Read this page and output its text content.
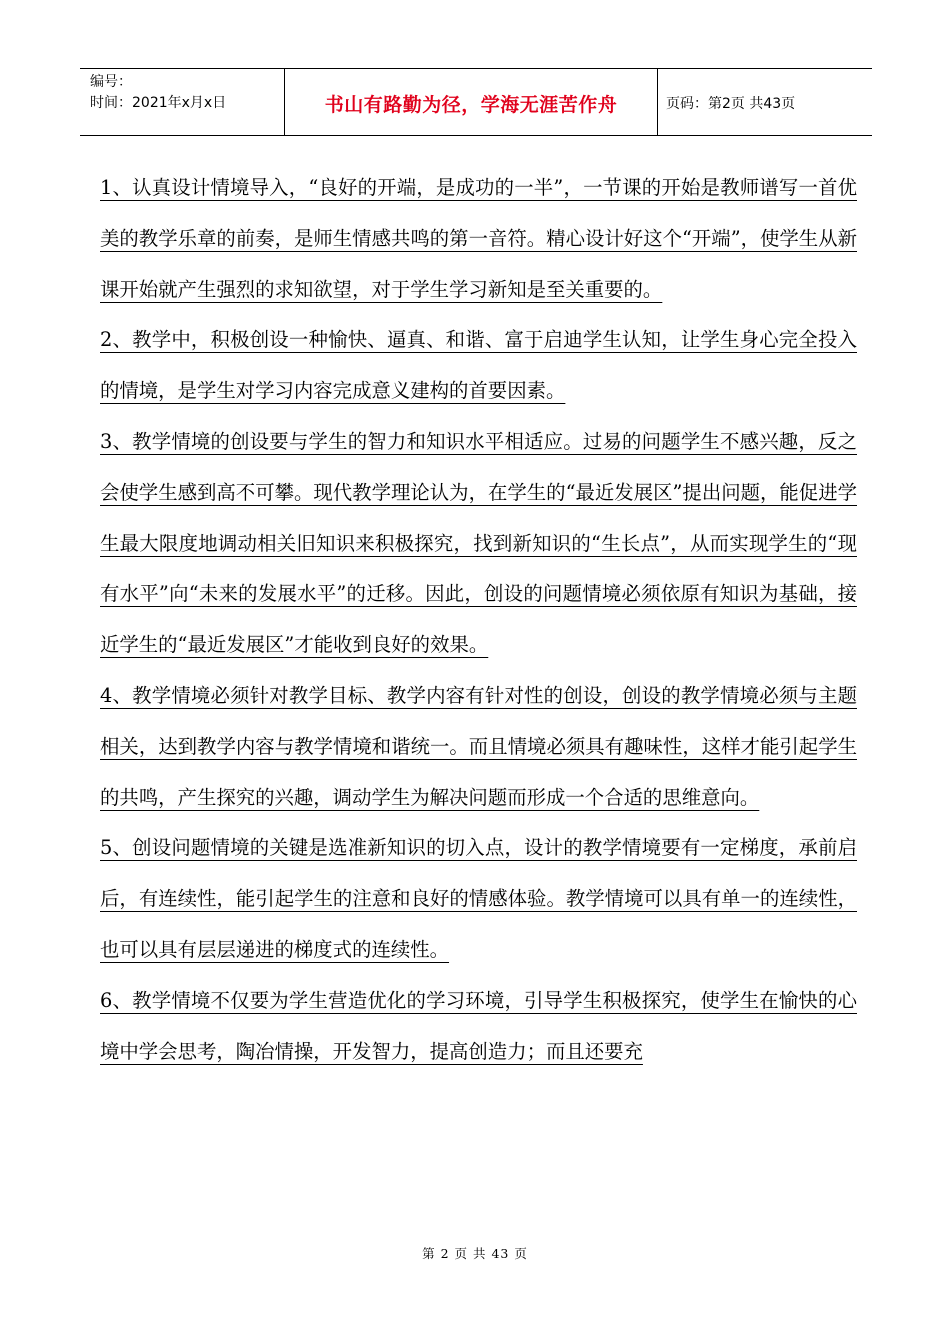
编号：
时间：2021年x月x日	书山有路勤为径，学海无涯苦作舟	页码：第2页 共43页

1、认真设计情境导入，“良好的开端，是成功的一半”，一节课的开始是教师谱写一首优美的教学乐章的前奏，是师生情感共鸣的第一音符。精心设计好这个“开端”，使学生从新课开始就产生强烈的求知欲望，对于学生学习新知是至关重要的。

2、教学中，积极创设一种愉快、逼真、和谐、富于启迪学生认知，让学生身心完全投入的情境，是学生对学习内容完成意义建构的首要因素。

3、教学情境的创设要与学生的智力和知识水平相适应。过易的问题学生不感兴趣，反之会使学生感到高不可攀。现代教学理论认为，在学生的“最近发展区”提出问题，能促进学生最大限度地调动相关旧知识来积极探究，找到新知识的“生长点”，从而实现学生的“现有水平”向“未来的发展水平”的迁移。因此，创设的问题情境必须依原有知识为基础，接近学生的“最近发展区”才能收到良好的效果。

4、教学情境必须针对教学目标、教学内容有针对性的创设，创设的教学情境必须与主题相关，达到教学内容与教学情境和谐统一。而且情境必须具有趣味性，这样才能引起学生的共鸣，产生探究的兴趣，调动学生为解决问题而形成一个合适的思维意向。

5、创设问题情境的关键是选准新知识的切入点，设计的教学情境要有一定梯度，承前启后，有连续性，能引起学生的注意和良好的情感体验。教学情境可以具有单一的连续性，也可以具有层层递进的梯度式的连续性。

6、教学情境不仅要为学生营造优化的学习环境，引导学生积极探究，使学生在愉快的心境中学会思考，陶冶情操，开发智力，提高创造力；而且还要充

第 2 页 共 43 页
